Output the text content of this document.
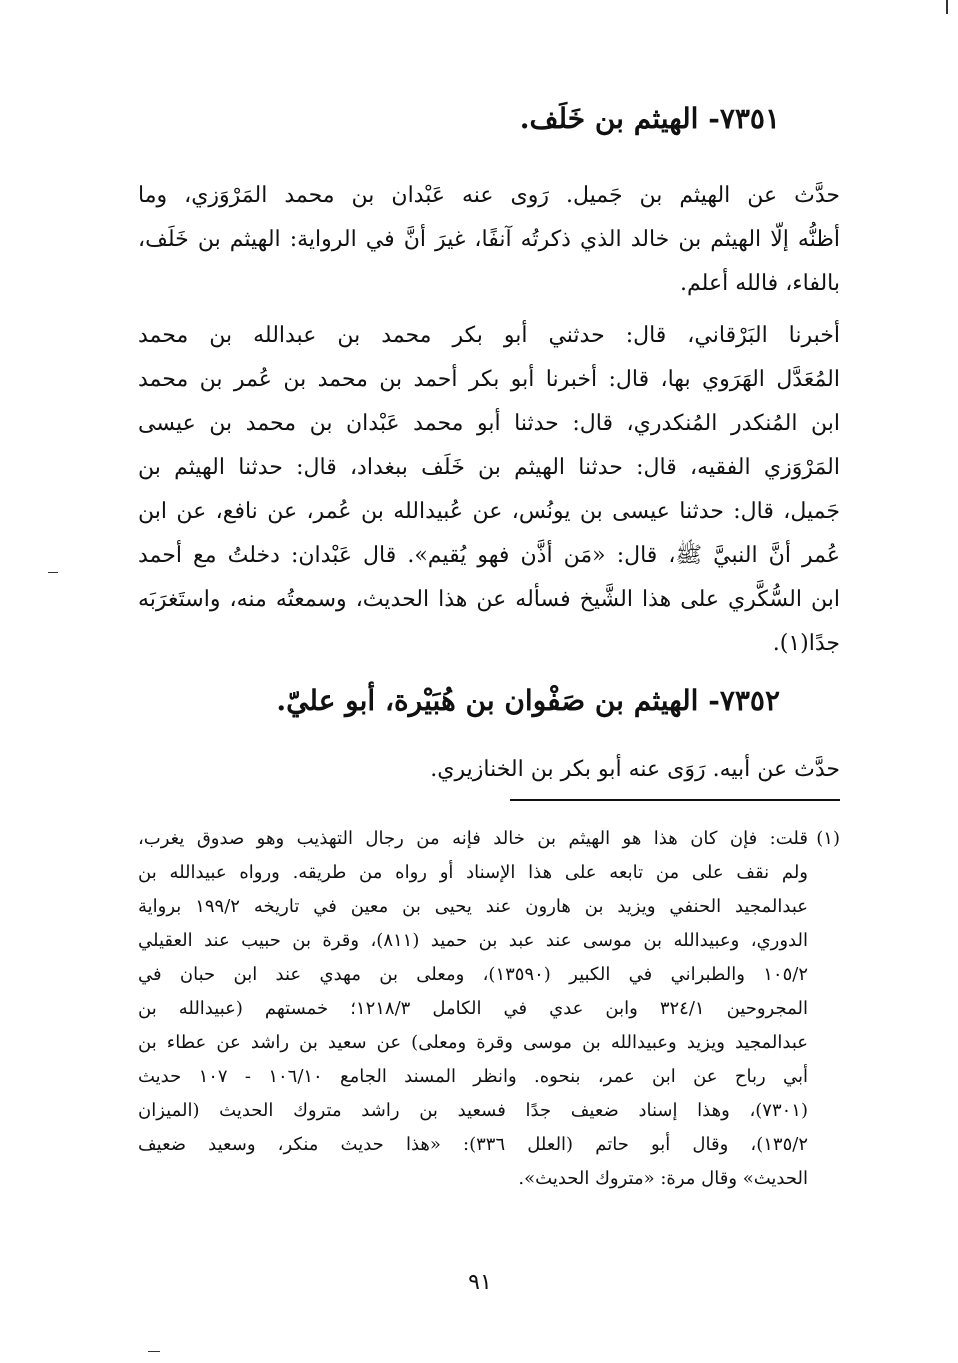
٧٣٥١- الهيثم بن خَلَف.
حدَّث عن الهيثم بن جَميل. رَوى عنه عَبْدان بن محمد المَرْوَزي، وما
أظنُّه إلّا الهيثم بن خالد الذي ذكرتُه آنفًا، غيرَ أنَّ في الرواية: الهيثم بن خَلَف،
بالفاء، فالله أعلم.
أخبرنا البَرْقاني، قال: حدثني أبو بكر محمد بن عبدالله بن محمد
المُعَدَّل الهَرَوي بها، قال: أخبرنا أبو بكر أحمد بن محمد بن عُمر بن محمد
ابن المُنكدر المُنكدري، قال: حدثنا أبو محمد عَبْدان بن محمد بن عيسى
المَرْوَزي الفقيه، قال: حدثنا الهيثم بن خَلَف ببغداد، قال: حدثنا الهيثم بن
جَميل، قال: حدثنا عيسى بن يونُس، عن عُبيدالله بن عُمر، عن نافع، عن ابن
عُمر أنَّ النبيَّ ﷺ، قال: «مَن أذَّن فهو يُقيم». قال عَبْدان: دخلتُ مع أحمد
ابن السُّكَّري على هذا الشَّيخ فسأله عن هذا الحديث، وسمعتُه منه، واستَغرَبَه
جدًا(١).
٧٣٥٢- الهيثم بن صَفْوان بن هُبَيْرة، أبو عليّ.
حدَّث عن أبيه. رَوَى عنه أبو بكر بن الخنازيري.
(١)
قلت: فإن كان هذا هو الهيثم بن خالد فإنه من رجال التهذيب وهو صدوق يغرب،
ولم نقف على من تابعه على هذا الإسناد أو رواه من طريقه. ورواه عبيدالله بن
عبدالمجيد الحنفي ويزيد بن هارون عند يحيى بن معين في تاريخه ١٩٩/٢ برواية
الدوري، وعبيدالله بن موسى عند عبد بن حميد (٨١١)، وقرة بن حبيب عند العقيلي
١٠٥/٢ والطبراني في الكبير (١٣٥٩٠)، ومعلى بن مهدي عند ابن حبان في
المجروحين ٣٢٤/١ وابن عدي في الكامل ١٢١٨/٣؛ خمستهم (عبيدالله بن
عبدالمجيد ويزيد وعبيدالله بن موسى وقرة ومعلى) عن سعيد بن راشد عن عطاء بن
أبي رباح عن ابن عمر، بنحوه. وانظر المسند الجامع ١٠٦/١٠ - ١٠٧ حديث
(٧٣٠١)، وهذا إسناد ضعيف جدًا فسعيد بن راشد متروك الحديث (الميزان
١٣٥/٢)، وقال أبو حاتم (العلل ٣٣٦): «هذا حديث منكر، وسعيد ضعيف
الحديث» وقال مرة: «متروك الحديث».
٩١
